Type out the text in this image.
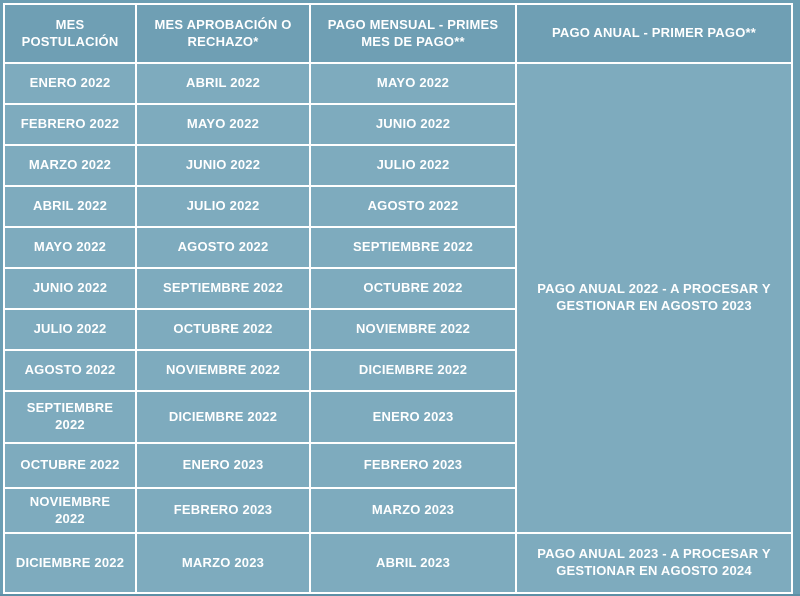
MES POSTULACIÓN	MES APROBACIÓN O RECHAZO*	PAGO MENSUAL - PRIMES MES DE PAGO**	PAGO ANUAL - PRIMER PAGO**
ENERO 2022	ABRIL 2022	MAYO 2022	PAGO ANUAL 2022 - A PROCESAR Y GESTIONAR EN AGOSTO 2023
FEBRERO 2022	MAYO 2022	JUNIO 2022	
MARZO 2022	JUNIO 2022	JULIO 2022	
ABRIL 2022	JULIO 2022	AGOSTO 2022	
MAYO 2022	AGOSTO 2022	SEPTIEMBRE 2022	
JUNIO 2022	SEPTIEMBRE 2022	OCTUBRE 2022	
JULIO 2022	OCTUBRE 2022	NOVIEMBRE 2022	
AGOSTO 2022	NOVIEMBRE 2022	DICIEMBRE 2022	
SEPTIEMBRE 2022	DICIEMBRE 2022	ENERO 2023	
OCTUBRE 2022	ENERO 2023	FEBRERO 2023	
NOVIEMBRE 2022	FEBRERO 2023	MARZO 2023	
DICIEMBRE 2022	MARZO 2023	ABRIL 2023	PAGO ANUAL 2023 - A PROCESAR Y GESTIONAR EN AGOSTO 2024
